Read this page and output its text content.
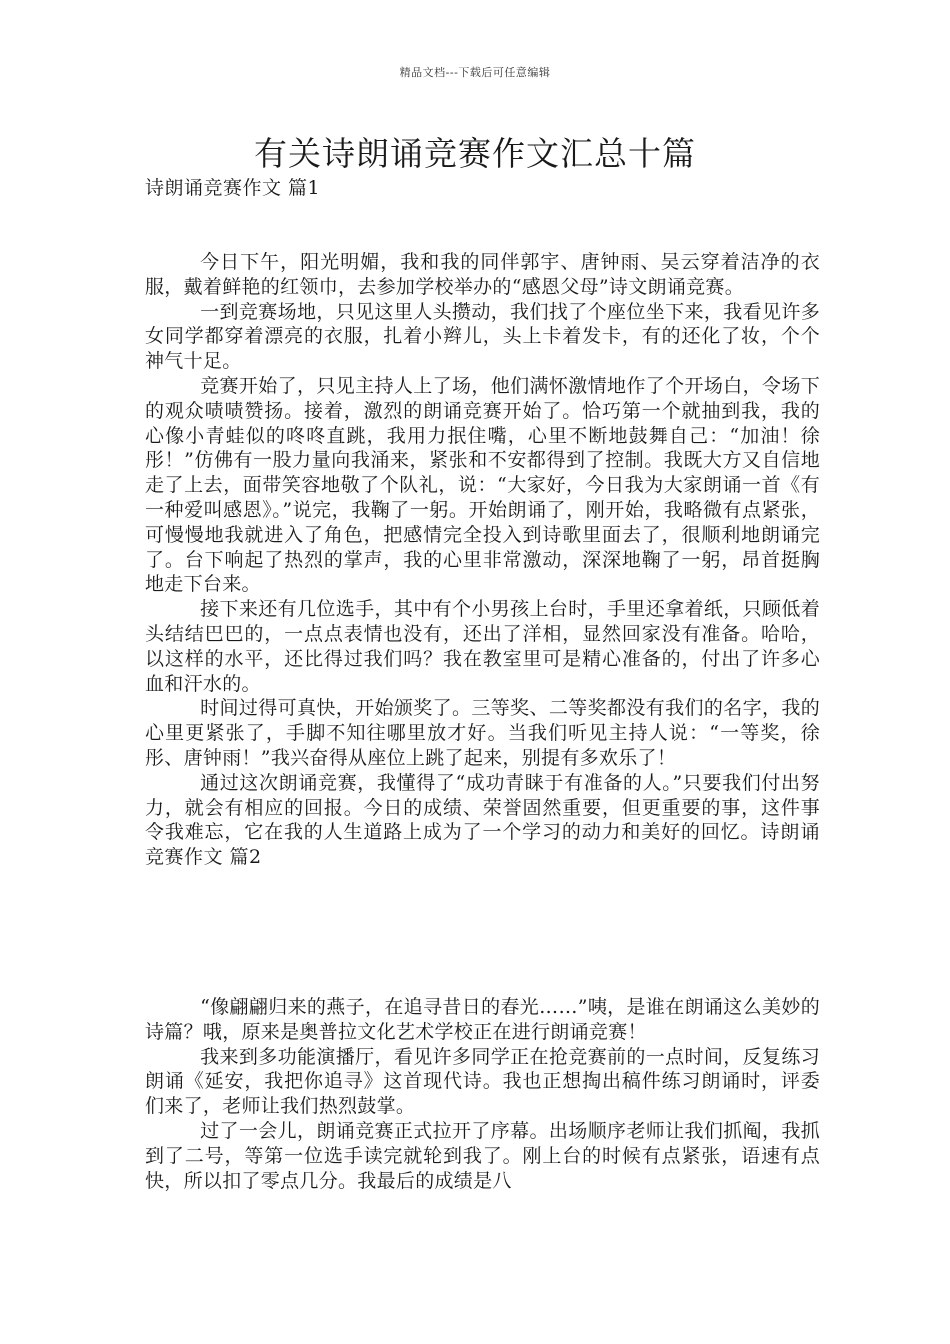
精品文档---下载后可任意编辑
有关诗朗诵竞赛作文汇总十篇
诗朗诵竞赛作文 篇1

今日下午，阳光明媚，我和我的同伴郭宇、唐钟雨、吴云穿着洁净的衣服，戴着鲜艳的红领巾，去参加学校举办的“感恩父母”诗文朗诵竞赛。

一到竞赛场地，只见这里人头攒动，我们找了个座位坐下来，我看见许多女同学都穿着漂亮的衣服，扎着小辫儿，头上卡着发卡，有的还化了妆，个个神气十足。

竞赛开始了，只见主持人上了场，他们满怀激情地作了个开场白，令场下的观众啧啧赞扬。接着，激烈的朗诵竞赛开始了。恰巧第一个就抽到我，我的心像小青蛙似的咚咚直跳，我用力抿住嘴，心里不断地鼓舞自己：“加油！徐彤！”仿佛有一股力量向我涌来，紧张和不安都得到了控制。我既大方又自信地走了上去，面带笑容地敬了个队礼，说：“大家好，今日我为大家朗诵一首《有一种爱叫感恩》。”说完，我鞠了一躬。开始朗诵了，刚开始，我略微有点紧张，可慢慢地我就进入了角色，把感情完全投入到诗歌里面去了，很顺利地朗诵完了。台下响起了热烈的掌声，我的心里非常激动，深深地鞠了一躬，昂首挺胸地走下台来。

接下来还有几位选手，其中有个小男孩上台时，手里还拿着纸，只顾低着头结结巴巴的，一点点表情也没有，还出了洋相，显然回家没有准备。哈哈，以这样的水平，还比得过我们吗？我在教室里可是精心准备的，付出了许多心血和汗水的。

时间过得可真快，开始颁奖了。三等奖、二等奖都没有我们的名字，我的心里更紧张了，手脚不知往哪里放才好。当我们听见主持人说：“一等奖，徐彤、唐钟雨！”我兴奋得从座位上跳了起来，别提有多欢乐了！

通过这次朗诵竞赛，我懂得了“成功青睐于有准备的人。”只要我们付出努力，就会有相应的回报。今日的成绩、荣誉固然重要，但更重要的事，这件事令我难忘，它在我的人生道路上成为了一个学习的动力和美好的回忆。诗朗诵竞赛作文 篇2

“像翩翩归来的燕子，在追寻昔日的春光……”咦，是谁在朗诵这么美妙的诗篇？哦，原来是奥普拉文化艺术学校正在进行朗诵竞赛！

我来到多功能演播厅，看见许多同学正在抢竞赛前的一点时间，反复练习朗诵《延安，我把你追寻》这首现代诗。我也正想掏出稿件练习朗诵时，评委们来了，老师让我们热烈鼓掌。

过了一会儿，朗诵竞赛正式拉开了序幕。出场顺序老师让我们抓阄，我抓到了二号，等第一位选手读完就轮到我了。刚上台的时候有点紧张，语速有点快，所以扣了零点几分。我最后的成绩是八
